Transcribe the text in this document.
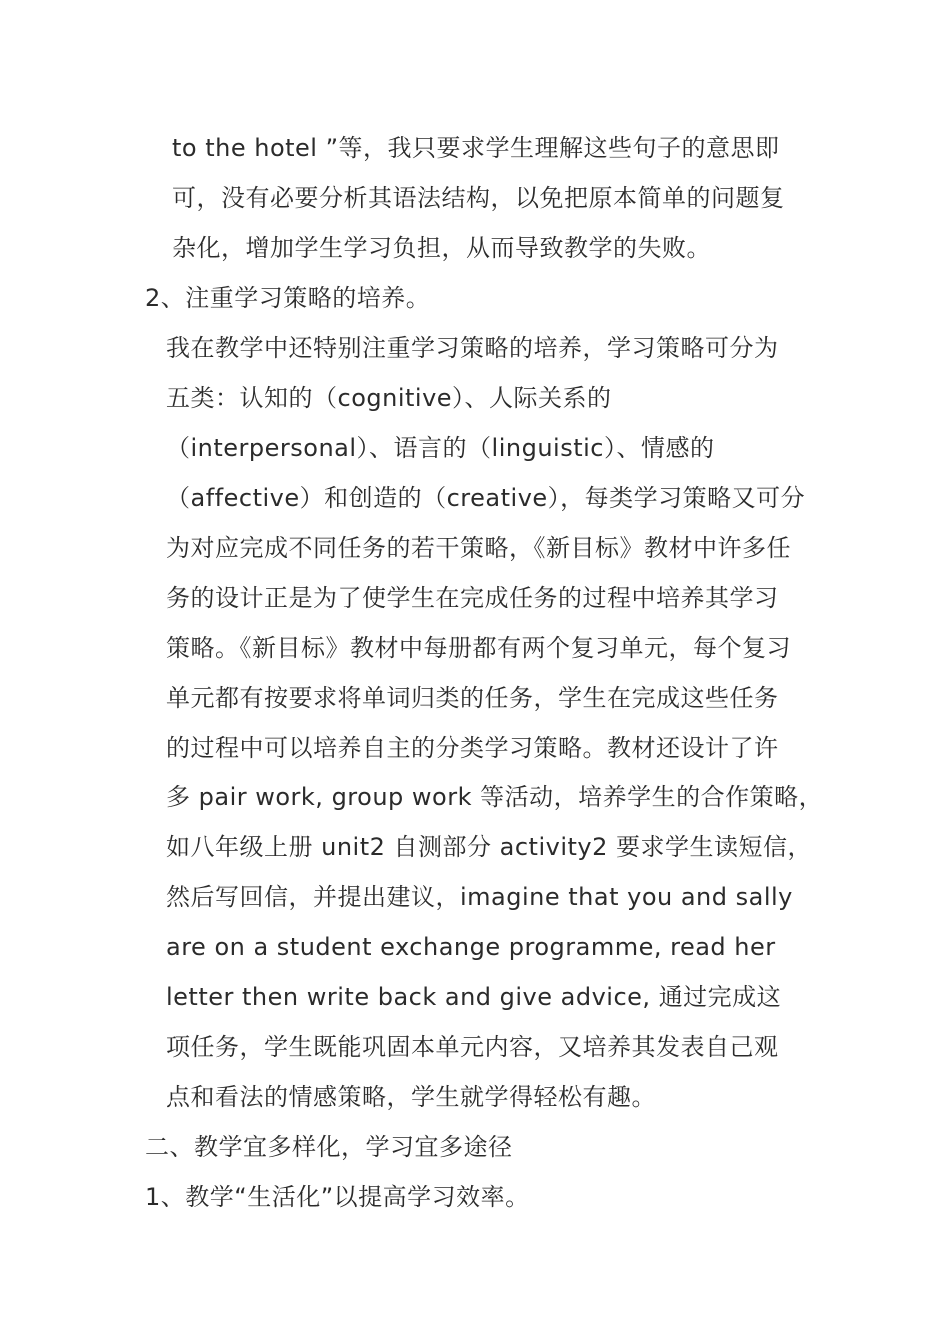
to the hotel ”等，我只要求学生理解这些句子的意思即
可，没有必要分析其语法结构，以免把原本简单的问题复
杂化，增加学生学习负担，从而导致教学的失败。
2、注重学习策略的培养。
我在教学中还特别注重学习策略的培养，学习策略可分为
五类：认知的（cognitive）、人际关系的
（interpersonal）、语言的（linguistic）、情感的
（affective）和创造的（creative），每类学习策略又可分
为对应完成不同任务的若干策略，《新目标》教材中许多任
务的设计正是为了使学生在完成任务的过程中培养其学习
策略。《新目标》教材中每册都有两个复习单元，每个复习
单元都有按要求将单词归类的任务，学生在完成这些任务
的过程中可以培养自主的分类学习策略。教材还设计了许
多 pair work, group work 等活动，培养学生的合作策略，
如八年级上册 unit2 自测部分 activity2 要求学生读短信，
然后写回信，并提出建议，imagine that you and sally
are on a student exchange programme, read her
letter then write back and give advice, 通过完成这
项任务，学生既能巩固本单元内容，又培养其发表自己观
点和看法的情感策略，学生就学得轻松有趣。
二、教学宜多样化，学习宜多途径
1、教学“生活化”以提高学习效率。
